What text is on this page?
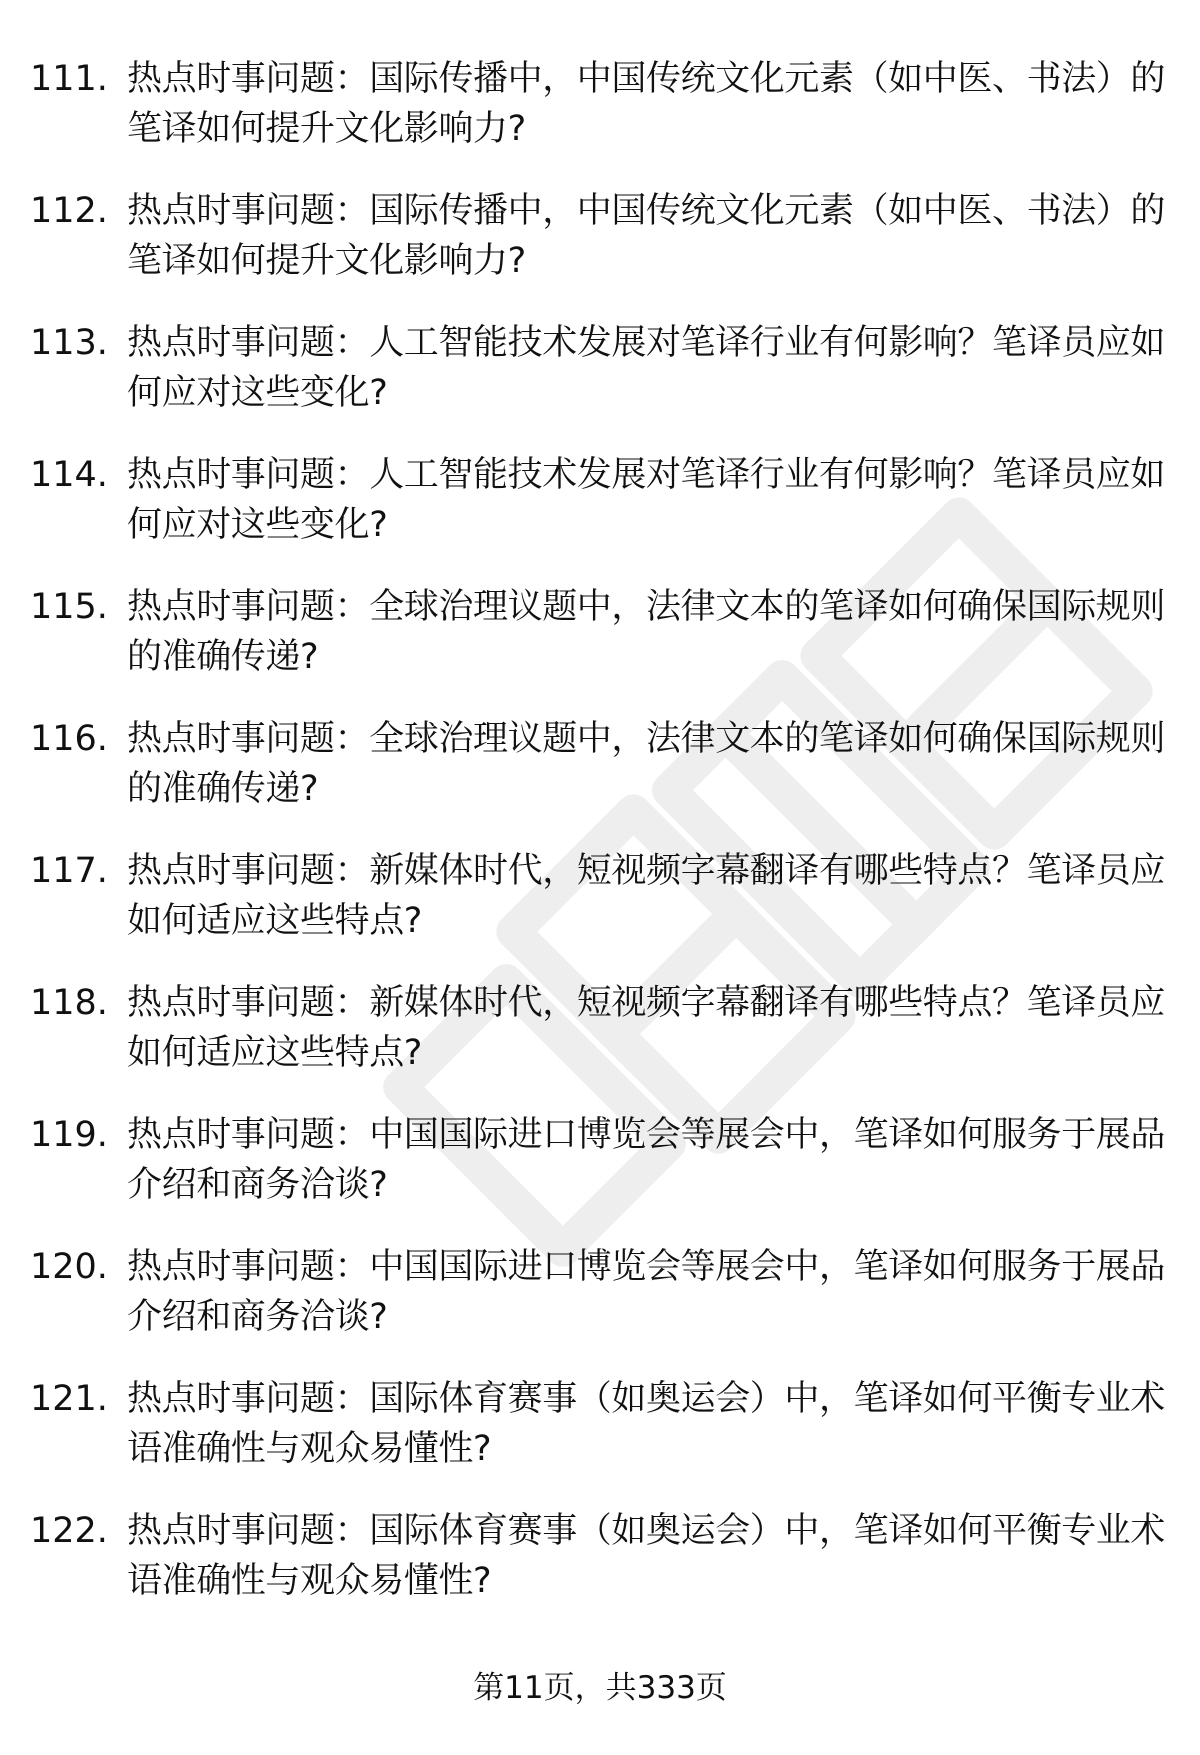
111. 热点时事问题：国际传播中，中国传统文化元素（如中医、书法）的笔译如何提升文化影响力?
112. 热点时事问题：国际传播中，中国传统文化元素（如中医、书法）的笔译如何提升文化影响力?
113. 热点时事问题：人工智能技术发展对笔译行业有何影响？笔译员应如何应对这些变化?
114. 热点时事问题：人工智能技术发展对笔译行业有何影响？笔译员应如何应对这些变化?
115. 热点时事问题：全球治理议题中，法律文本的笔译如何确保国际规则的准确传递?
116. 热点时事问题：全球治理议题中，法律文本的笔译如何确保国际规则的准确传递?
117. 热点时事问题：新媒体时代，短视频字幕翻译有哪些特点？笔译员应如何适应这些特点?
118. 热点时事问题：新媒体时代，短视频字幕翻译有哪些特点？笔译员应如何适应这些特点?
119. 热点时事问题：中国国际进口博览会等展会中，笔译如何服务于展品介绍和商务洽谈?
120. 热点时事问题：中国国际进口博览会等展会中，笔译如何服务于展品介绍和商务洽谈?
121. 热点时事问题：国际体育赛事（如奥运会）中，笔译如何平衡专业术语准确性与观众易懂性?
122. 热点时事问题：国际体育赛事（如奥运会）中，笔译如何平衡专业术语准确性与观众易懂性?
第11页，共333页
